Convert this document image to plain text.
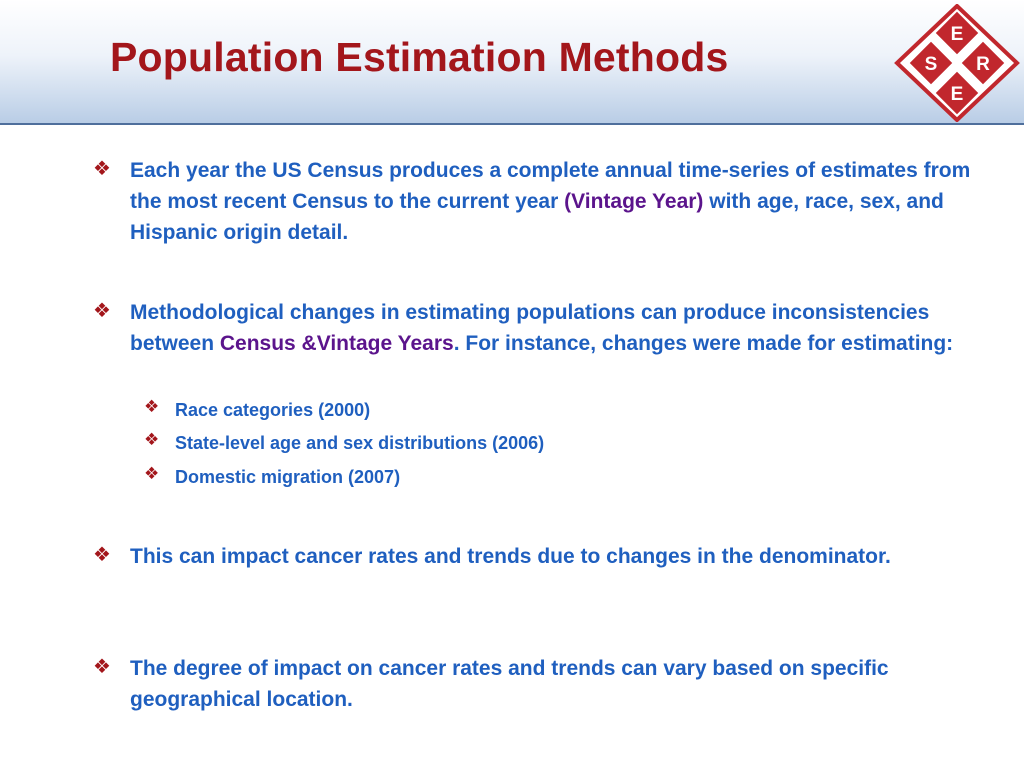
Population Estimation Methods	E
S R
E
❖ Each year the US Census produces a complete annual time-series of estimates from the most recent Census to the current year (Vintage Year) with age, race, sex, and Hispanic origin detail.
❖ Methodological changes in estimating populations can produce inconsistencies between Census &Vintage Years. For instance, changes were made for estimating:
❖ Race categories (2000)
❖ State-level age and sex distributions (2006)
❖ Domestic migration (2007)
❖ This can impact cancer rates and trends due to changes in the denominator.
❖ The degree of impact on cancer rates and trends can vary based on specific geographical location.
